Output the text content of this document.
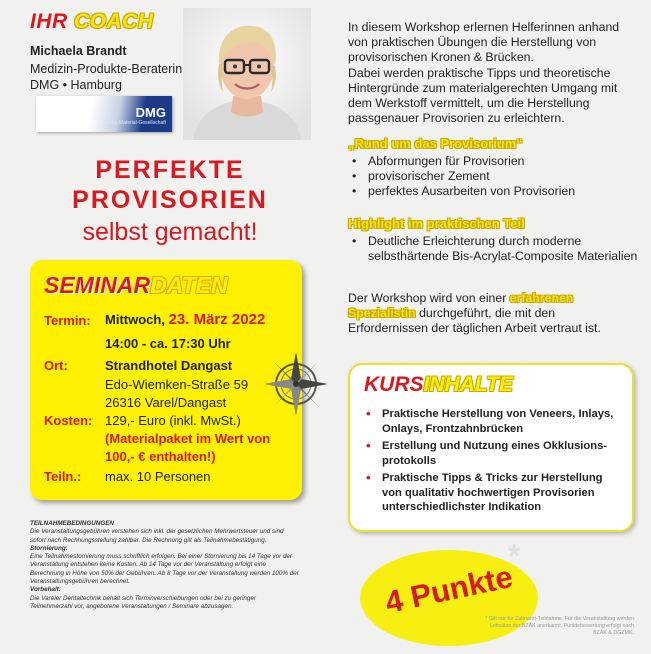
IHR COACH
Michaela Brandt
Medizin-Produkte-Beraterin
DMG • Hamburg
DMG
Dental-Material-Gesellschaft
PERFEKTE
PROVISORIEN
selbst gemacht!
SEMINARDATEN
Termin: Mittwoch, 23. März 2022
14:00 - ca. 17:30 Uhr
Ort:	Strandhotel Dangast
Edo-Wiemken-Straße 59
26316 Varel/Dangast
Kosten: 129,- Euro (inkl. MwSt.)
(Materialpaket im Wert von
100,- € enthalten!)
Teiln.: max. 10 Personen
TEILNAHMEBEDINGUNGEN
Die Veranstaltungsgebühren verstehen sich inkl. der gesetzlichen Mehrwertsteuer und sind sofort nach Rechnungsstellung zahlbar. Die Rechnung gilt als Teilnahmebestätigung.
Stornierung:
Eine Teilnahmestornierung muss schriftlich erfolgen. Bei einer Stornierung bis 14 Tage vor der Veranstaltung entstehen keine Kosten. Ab 14 Tage vor der Veranstaltung erfolgt eine Berechnung in Höhe von 50% der Gebühren. Ab 8 Tage vor der Veranstaltung werden 100% der Veranstaltungsgebühren berechnet.
Vorbehalt:
Die Vareler Dentaltechnik behält sich Terminverschiebungen oder bei zu geringer Teilnehmerzahl vor, angebotene Veranstaltungen / Seminare abzusagen.
In diesem Workshop erlernen Helferinnen anhand von praktischen Übungen die Herstellung von provisorischen Kronen & Brücken.
Dabei werden praktische Tipps und theoretische Hintergründe zum materialgerechten Umgang mit dem Werkstoff vermittelt, um die Herstellung passgenauer Provisorien zu erleichtern.
„Rund um das Provisorium“
• Abformungen für Provisorien
• provisorischer Zement
• perfektes Ausarbeiten von Provisorien
Highlight im praktischen Teil
• Deutliche Erleichterung durch moderne selbsthärtende Bis-Acrylat-Composite Materialien
Der Workshop wird von einer erfahrenen Spezialistin durchgeführt, die mit den Erfordernissen der täglichen Arbeit vertraut ist.
KURSINHALTE
• Praktische Herstellung von Veneers, Inlays, Onlays, Frontzahnbrücken
• Erstellung und Nutzung eines Okklusions-protokolls
• Praktische Tipps & Tricks zur Herstellung von qualitativ hochwertigen Provisorien unterschiedlichster Indikation
4 Punkte
*
* Gilt nur für Zahnarzt-Teilnahme. Für die Veranstaltung werden Leitsätze der BZÄK anerkannt. Punktebewertung erfolgt nach BZÄK & DGZMK.
